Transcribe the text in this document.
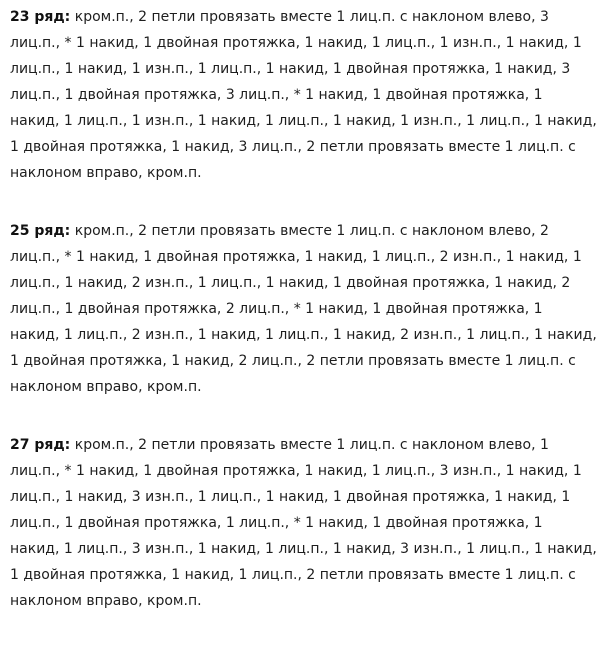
23 ряд: кром.п., 2 петли провязать вместе 1 лиц.п. с наклоном влево, 3
лиц.п., * 1 накид, 1 двойная протяжка, 1 накид, 1 лиц.п., 1 изн.п., 1 накид, 1
лиц.п., 1 накид, 1 изн.п., 1 лиц.п., 1 накид, 1 двойная протяжка, 1 накид, 3
лиц.п., 1 двойная протяжка, 3 лиц.п., * 1 накид, 1 двойная протяжка, 1
накид, 1 лиц.п., 1 изн.п., 1 накид, 1 лиц.п., 1 накид, 1 изн.п., 1 лиц.п., 1 накид,
1 двойная протяжка, 1 накид, 3 лиц.п., 2 петли провязать вместе 1 лиц.п. с
наклоном вправо, кром.п.
25 ряд: кром.п., 2 петли провязать вместе 1 лиц.п. с наклоном влево, 2
лиц.п., * 1 накид, 1 двойная протяжка, 1 накид, 1 лиц.п., 2 изн.п., 1 накид, 1
лиц.п., 1 накид, 2 изн.п., 1 лиц.п., 1 накид, 1 двойная протяжка, 1 накид, 2
лиц.п., 1 двойная протяжка, 2 лиц.п., * 1 накид, 1 двойная протяжка, 1
накид, 1 лиц.п., 2 изн.п., 1 накид, 1 лиц.п., 1 накид, 2 изн.п., 1 лиц.п., 1 накид,
1 двойная протяжка, 1 накид, 2 лиц.п., 2 петли провязать вместе 1 лиц.п. с
наклоном вправо, кром.п.
27 ряд: кром.п., 2 петли провязать вместе 1 лиц.п. с наклоном влево, 1
лиц.п., * 1 накид, 1 двойная протяжка, 1 накид, 1 лиц.п., 3 изн.п., 1 накид, 1
лиц.п., 1 накид, 3 изн.п., 1 лиц.п., 1 накид, 1 двойная протяжка, 1 накид, 1
лиц.п., 1 двойная протяжка, 1 лиц.п., * 1 накид, 1 двойная протяжка, 1
накид, 1 лиц.п., 3 изн.п., 1 накид, 1 лиц.п., 1 накид, 3 изн.п., 1 лиц.п., 1 накид,
1 двойная протяжка, 1 накид, 1 лиц.п., 2 петли провязать вместе 1 лиц.п. с
наклоном вправо, кром.п.
